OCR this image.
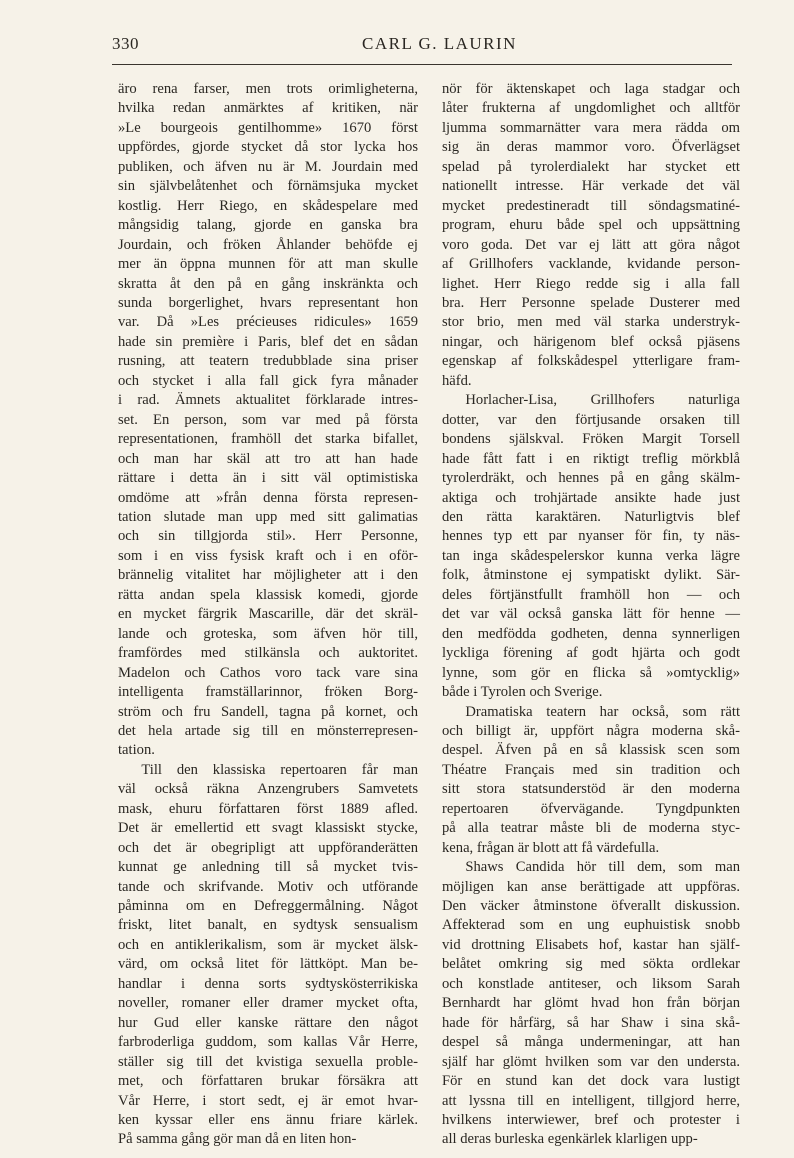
330	CARL G. LAURIN
äro rena farser, men trots orimligheterna,
hvilka redan anmärktes af kritiken, när
»Le bourgeois gentilhomme» 1670 först
uppfördes, gjorde stycket då stor lycka hos
publiken, och äfven nu är M. Jourdain med
sin självbelåtenhet och förnämsjuka mycket
kostlig. Herr Riego, en skådespelare med
mångsidig talang, gjorde en ganska bra
Jourdain, och fröken Åhlander behöfde ej
mer än öppna munnen för att man skulle
skratta åt den på en gång inskränkta och
sunda borgerlighet, hvars representant hon
var. Då »Les précieuses ridicules» 1659
hade sin première i Paris, blef det en sådan
rusning, att teatern tredubblade sina priser
och stycket i alla fall gick fyra månader
i rad. Ämnets aktualitet förklarade intres-
set. En person, som var med på första
representationen, framhöll det starka bifallet,
och man har skäl att tro att han hade
rättare i detta än i sitt väl optimistiska
omdöme att »från denna första represen-
tation slutade man upp med sitt galimatias
och sin tillgjorda stil». Herr Personne,
som i en viss fysisk kraft och i en oför-
brännelig vitalitet har möjligheter att i den
rätta andan spela klassisk komedi, gjorde
en mycket färgrik Mascarille, där det skräl-
lande och groteska, som äfven hör till,
framfördes med stilkänsla och auktoritet.
Madelon och Cathos voro tack vare sina
intelligenta framställarinnor, fröken Borg-
ström och fru Sandell, tagna på kornet, och
det hela artade sig till en mönsterrepresen-
tation.
Till den klassiska repertoaren får man
väl också räkna Anzengrubers Samvetets
mask, ehuru författaren först 1889 afled.
Det är emellertid ett svagt klassiskt stycke,
och det är obegripligt att uppföranderätten
kunnat ge anledning till så mycket tvis-
tande och skrifvande. Motiv och utförande
påminna om en Defreggermålning. Något
friskt, litet banalt, en sydtysk sensualism
och en antiklerikalism, som är mycket älsk-
värd, om också litet för lättköpt. Man be-
handlar i denna sorts sydtyskösterrikiska
noveller, romaner eller dramer mycket ofta,
hur Gud eller kanske rättare den något
farbroderliga guddom, som kallas Vår Herre,
ställer sig till det kvistiga sexuella proble-
met, och författaren brukar försäkra att
Vår Herre, i stort sedt, ej är emot hvar-
ken kyssar eller ens ännu friare kärlek.
På samma gång gör man då en liten hon-
nör för äktenskapet och laga stadgar och
låter frukterna af ungdomlighet och alltför
ljumma sommarnätter vara mera rädda om
sig än deras mammor voro. Öfverlägset
spelad på tyrolerdialekt har stycket ett
nationellt intresse. Här verkade det väl
mycket predestineradt till söndagsmatiné-
program, ehuru både spel och uppsättning
voro goda. Det var ej lätt att göra något
af Grillhofers vacklande, kvidande person-
lighet. Herr Riego redde sig i alla fall
bra. Herr Personne spelade Dusterer med
stor brio, men med väl starka understryk-
ningar, och härigenom blef också pjäsens
egenskap af folkskådespel ytterligare fram-
häfd.
Horlacher-Lisa, Grillhofers naturliga
dotter, var den förtjusande orsaken till
bondens själskval. Fröken Margit Torsell
hade fått fatt i en riktigt treflig mörkblå
tyrolerdräkt, och hennes på en gång skälm-
aktiga och trohjärtade ansikte hade just
den rätta karaktären. Naturligtvis blef
hennes typ ett par nyanser för fin, ty näs-
tan inga skådespelerskor kunna verka lägre
folk, åtminstone ej sympatiskt dylikt. Sär-
deles förtjänstfullt framhöll hon — och
det var väl också ganska lätt för henne —
den medfödda godheten, denna synnerligen
lyckliga förening af godt hjärta och godt
lynne, som gör en flicka så »omtycklig»
både i Tyrolen och Sverige.
Dramatiska teatern har också, som rätt
och billigt är, uppfört några moderna skå-
despel. Äfven på en så klassisk scen som
Théatre Français med sin tradition och
sitt stora statsunderstöd är den moderna
repertoaren öfvervägande. Tyngdpunkten
på alla teatrar måste bli de moderna styc-
kena, frågan är blott att få värdefulla.
Shaws Candida hör till dem, som man
möjligen kan anse berättigade att uppföras.
Den väcker åtminstone öfverallt diskussion.
Affekterad som en ung euphuistisk snobb
vid drottning Elisabets hof, kastar han själf-
belåtet omkring sig med sökta ordlekar
och konstlade antiteser, och liksom Sarah
Bernhardt har glömt hvad hon från början
hade för hårfärg, så har Shaw i sina skå-
despel så många undermeningar, att han
själf har glömt hvilken som var den understa.
För en stund kan det dock vara lustigt
att lyssna till en intelligent, tillgjord herre,
hvilkens interwiewer, bref och protester i
all deras burleska egenkärlek klarligen upp-
